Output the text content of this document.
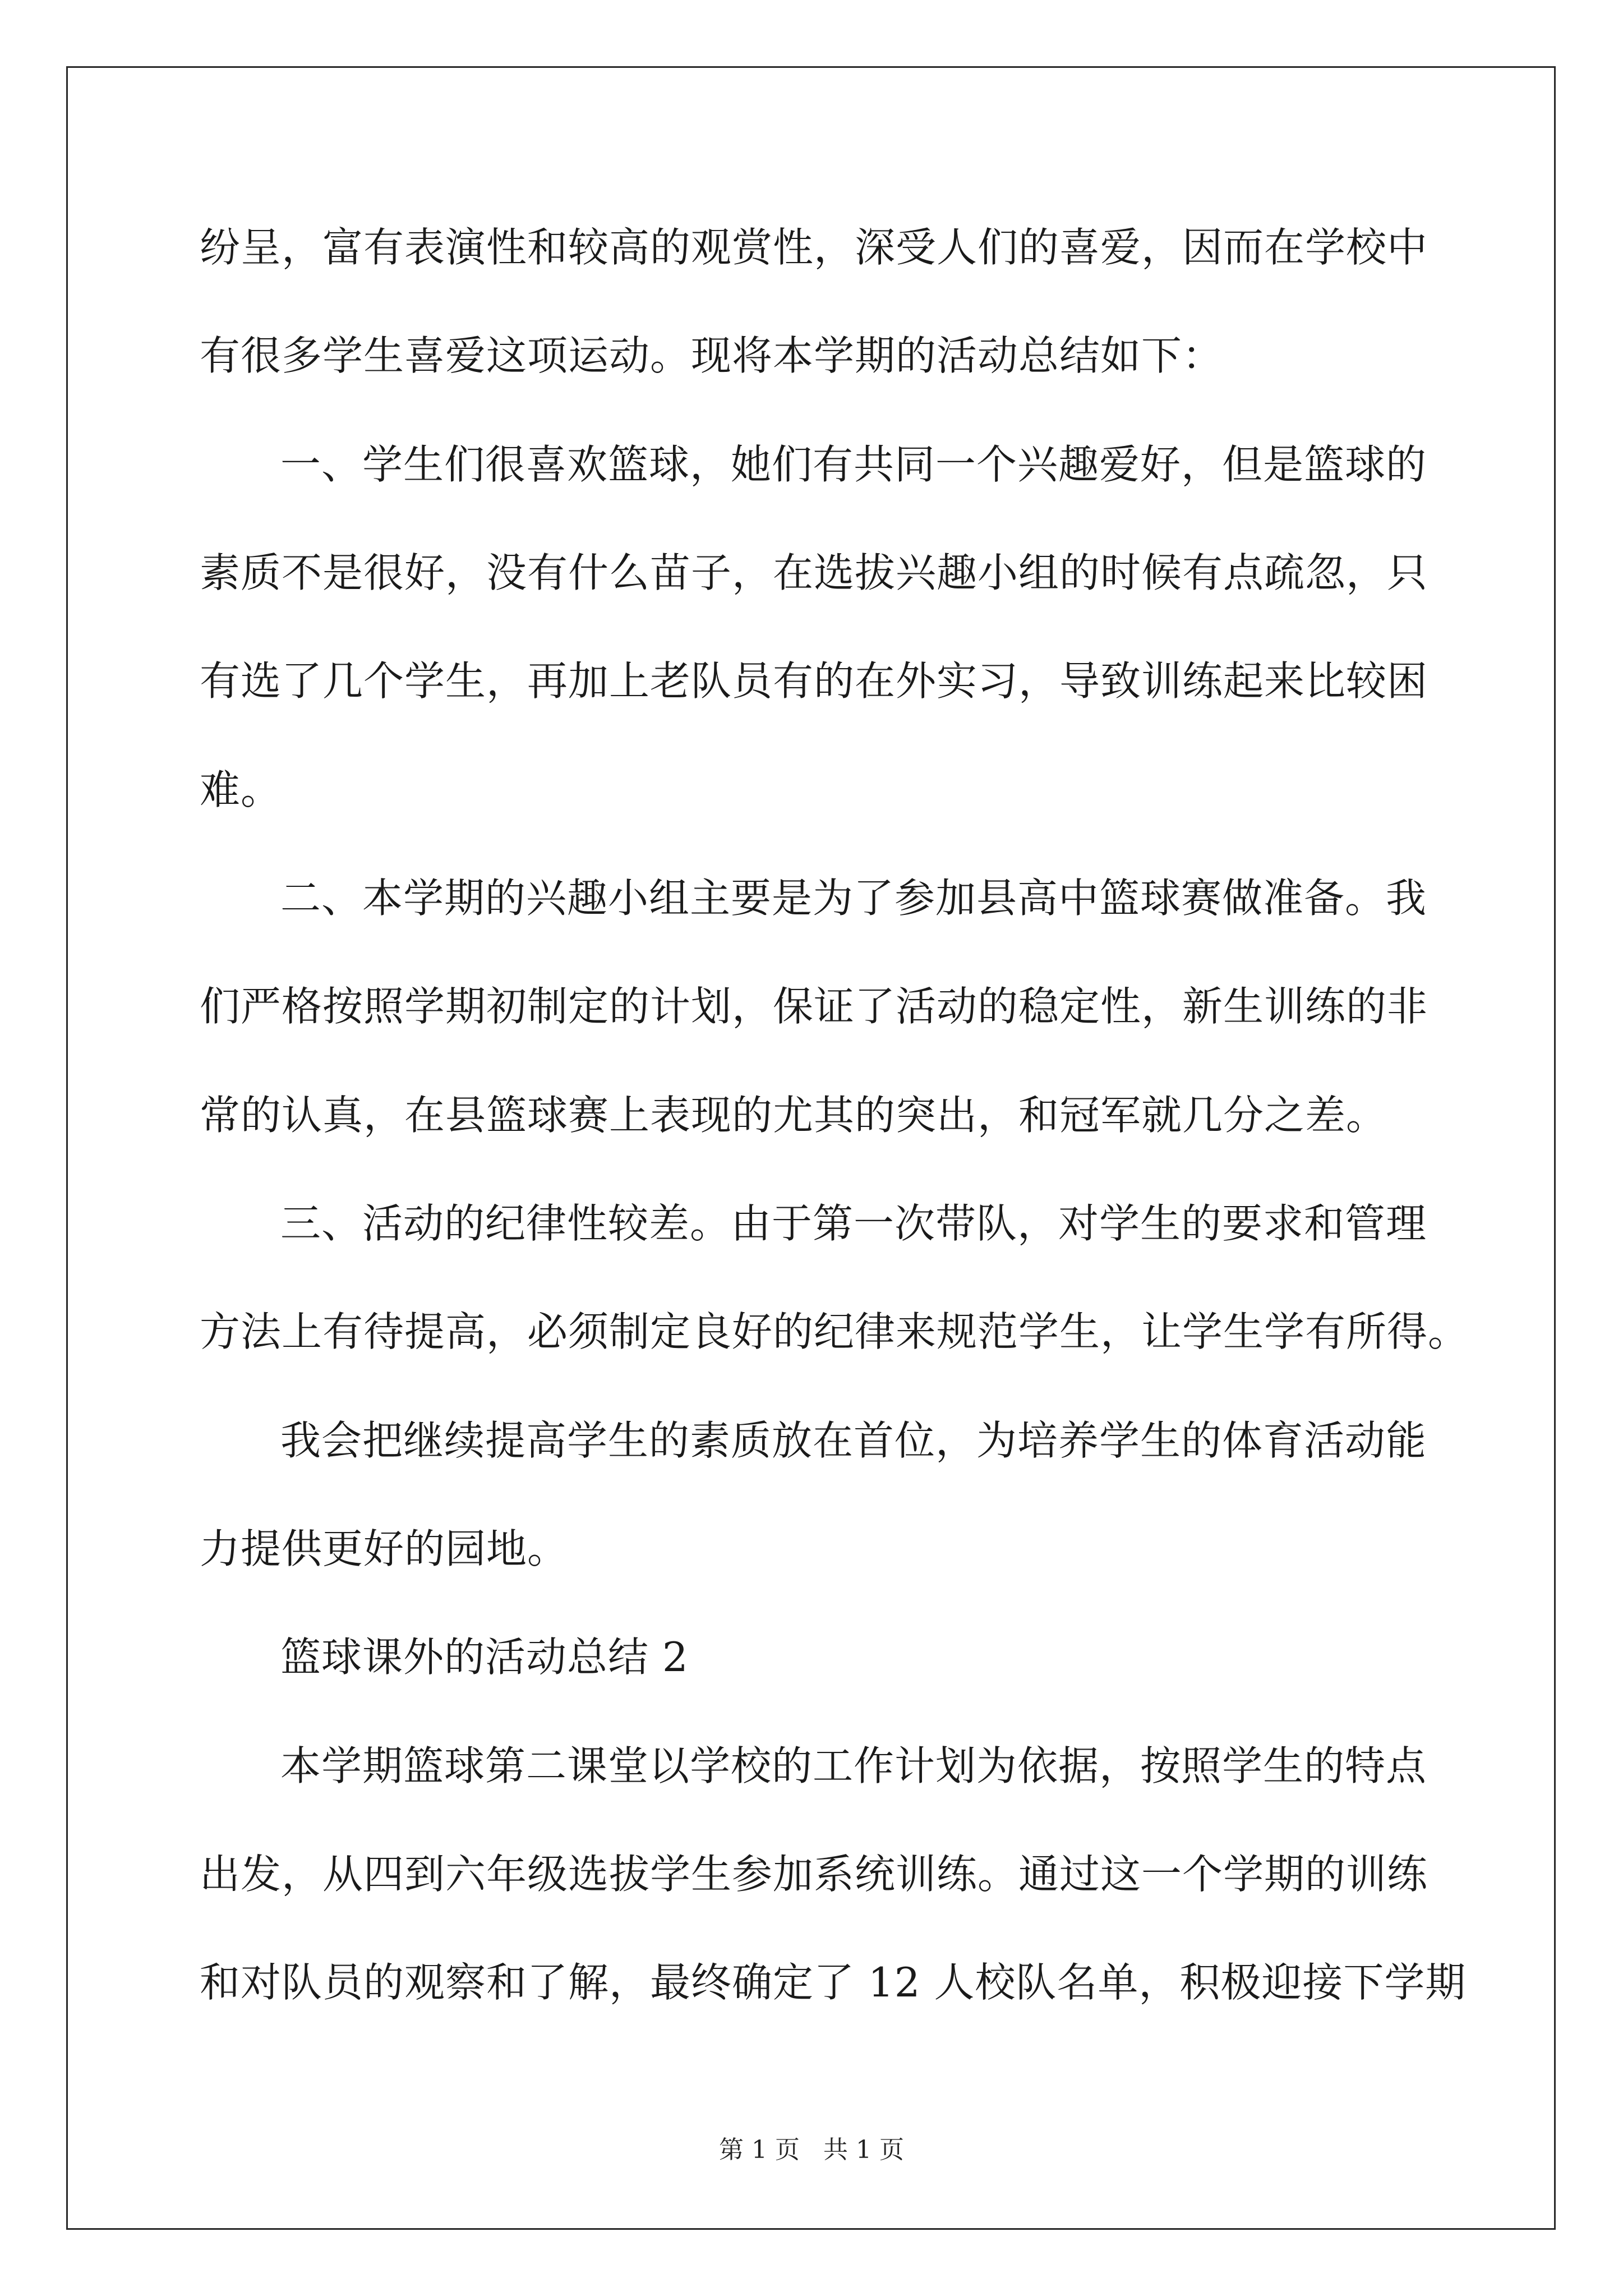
纷呈，富有表演性和较高的观赏性，深受人们的喜爱，因而在学校中
有很多学生喜爱这项运动。现将本学期的活动总结如下：
一、学生们很喜欢篮球，她们有共同一个兴趣爱好，但是篮球的
素质不是很好，没有什么苗子，在选拔兴趣小组的时候有点疏忽，只
有选了几个学生，再加上老队员有的在外实习，导致训练起来比较困
难。
二、本学期的兴趣小组主要是为了参加县高中篮球赛做准备。我
们严格按照学期初制定的计划，保证了活动的稳定性，新生训练的非
常的认真，在县篮球赛上表现的尤其的突出，和冠军就几分之差。
三、活动的纪律性较差。由于第一次带队，对学生的要求和管理
方法上有待提高，必须制定良好的纪律来规范学生，让学生学有所得。
我会把继续提高学生的素质放在首位，为培养学生的体育活动能
力提供更好的园地。
篮球课外的活动总结 2
本学期篮球第二课堂以学校的工作计划为依据，按照学生的特点
出发，从四到六年级选拔学生参加系统训练。通过这一个学期的训练
和对队员的观察和了解，最终确定了 12 人校队名单，积极迎接下学期
第 1 页   共 1 页
